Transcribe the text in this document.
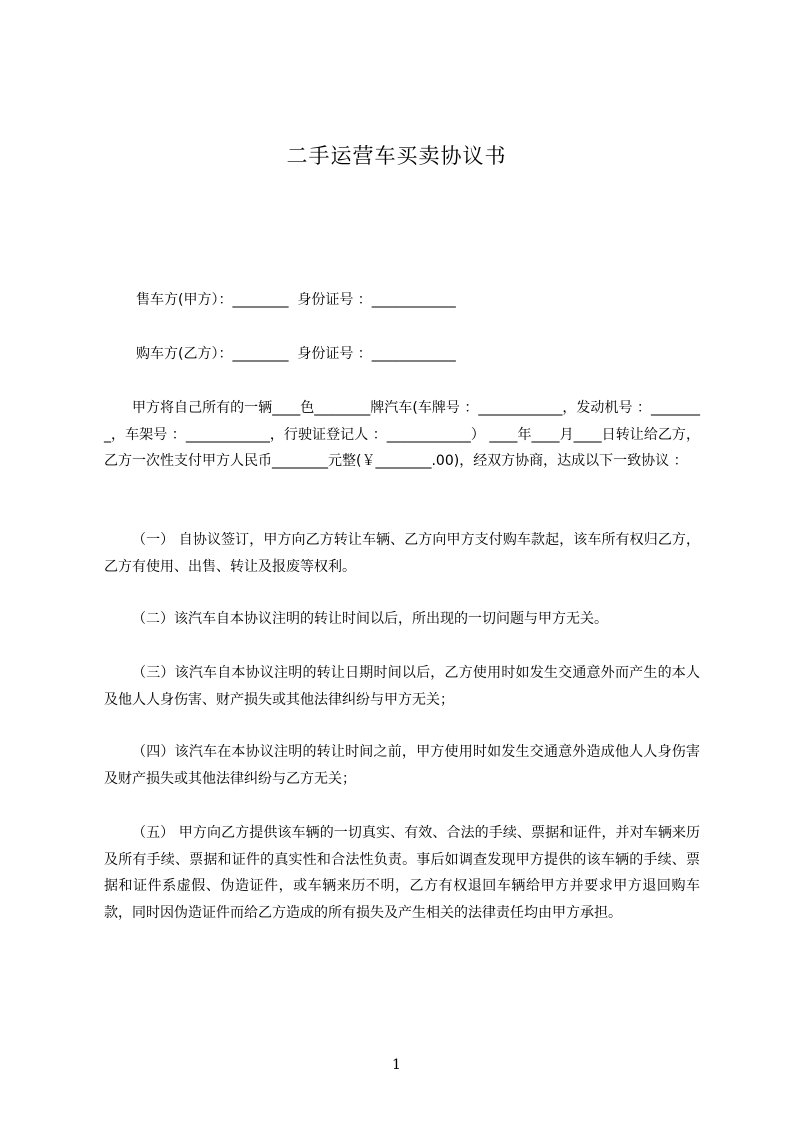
二手运营车买卖协议书

售车方(甲方）：________  身份证号 ：____________

购车方(乙方）：________  身份证号 ：____________

甲方将自己所有的一辆____色________牌汽车(车牌号 ：____________，发动机号 ：________，车架号 ：____________，行驶证登记人 ：____________） ____年____月____日转让给乙方，乙方一次性支付甲方人民币________元整(￥________.00)，经双方协商，达成以下一致协议 ：

（一） 自协议签订，甲方向乙方转让车辆、乙方向甲方支付购车款起，该车所有权归乙方，乙方有使用、出售、转让及报废等权利。

（二）该汽车自本协议注明的转让时间以后，所出现的一切问题与甲方无关。

（三）该汽车自本协议注明的转让日期时间以后，乙方使用时如发生交通意外而产生的本人及他人人身伤害、财产损失或其他法律纠纷与甲方无关；

（四）该汽车在本协议注明的转让时间之前，甲方使用时如发生交通意外造成他人人身伤害及财产损失或其他法律纠纷与乙方无关；

（五） 甲方向乙方提供该车辆的一切真实、有效、合法的手续、票据和证件，并对车辆来历及所有手续、票据和证件的真实性和合法性负责。事后如调查发现甲方提供的该车辆的手续、票据和证件系虚假、伪造证件，或车辆来历不明，乙方有权退回车辆给甲方并要求甲方退回购车款，同时因伪造证件而给乙方造成的所有损失及产生相关的法律责任均由甲方承担。

1
